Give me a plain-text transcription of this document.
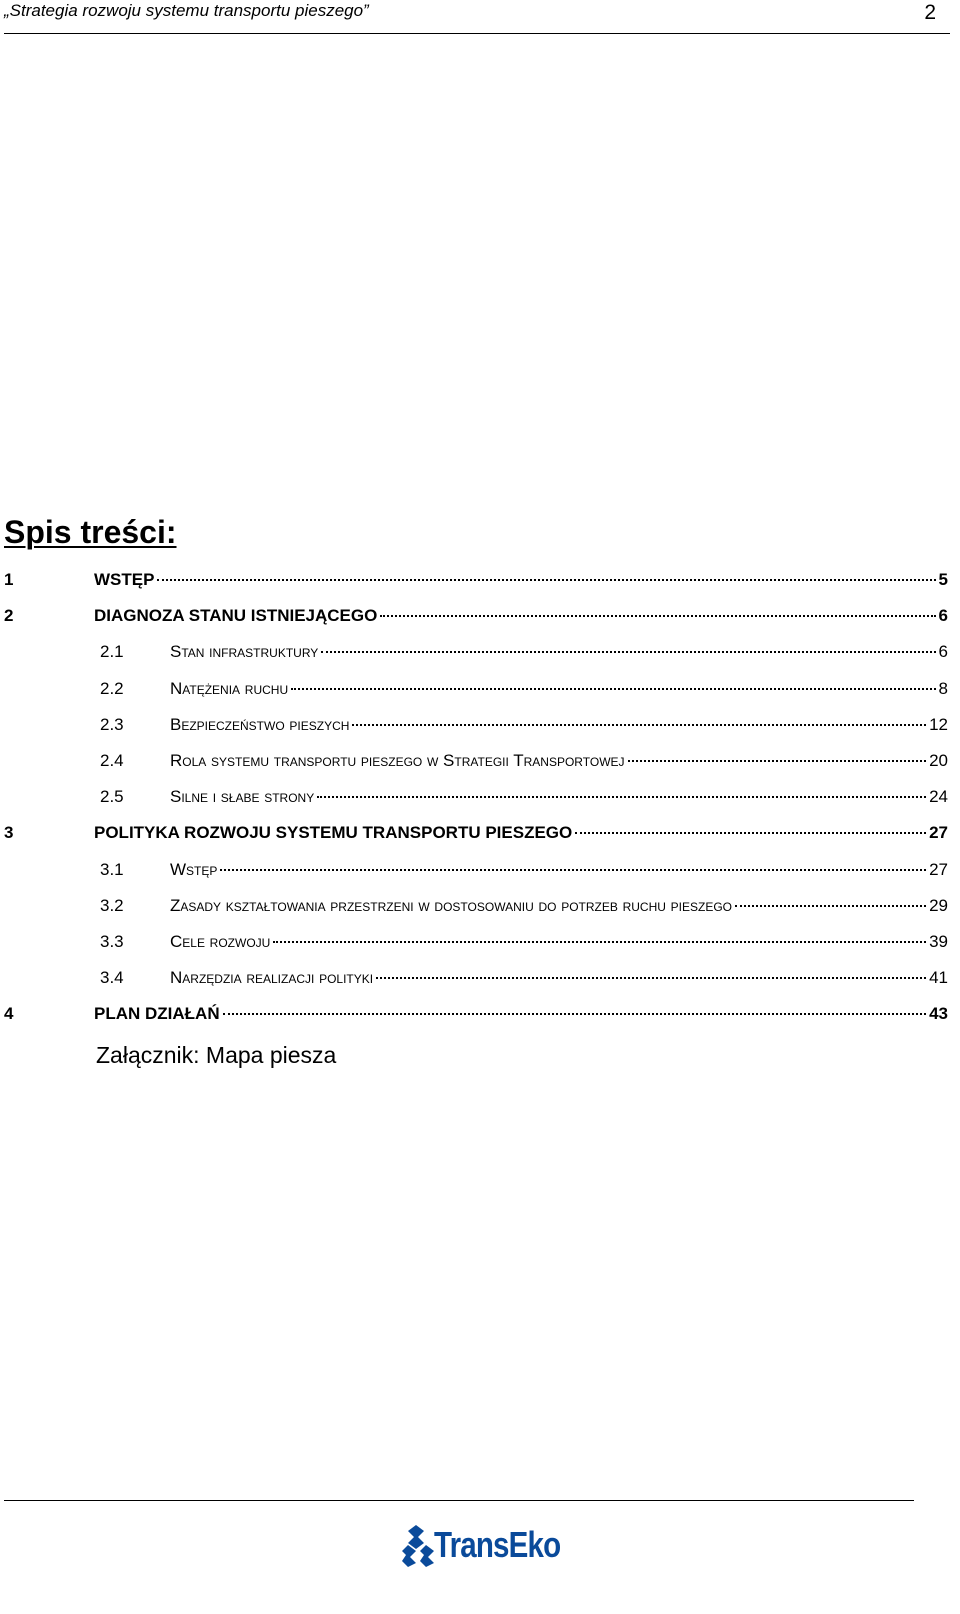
„Strategia rozwoju systemu transportu pieszego”	2
Spis treści:
1	WSTĘP	5
2	DIAGNOZA STANU ISTNIEJĄCEGO	6
2.1	Stan infrastruktury	6
2.2	Natężenia ruchu	8
2.3	Bezpieczeństwo pieszych	12
2.4	Rola systemu transportu pieszego w Strategii Transportowej	20
2.5	Silne i słabe strony	24
3	POLITYKA ROZWOJU SYSTEMU TRANSPORTU PIESZEGO	27
3.1	Wstęp	27
3.2	Zasady kształtowania przestrzeni w dostosowaniu do potrzeb ruchu pieszego	29
3.3	Cele rozwoju	39
3.4	Narzędzia realizacji polityki	41
4	PLAN DZIAŁAŃ	43
Załącznik: Mapa piesza
TransEko
